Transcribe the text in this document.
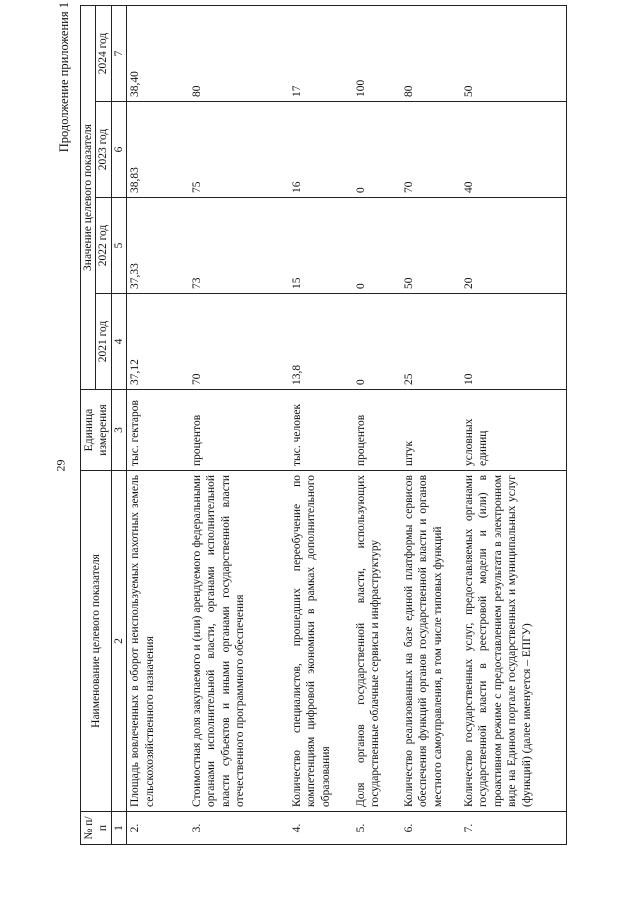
29
Продолжение приложения 1
№ п/п	Наименование целевого показателя	Единица измерения	Значение целевого показателя			
			2021 год	2022 год	2023 год	2024 год
1	2	3	4	5	6	7
2.	Площадь вовлеченных в оборот неиспользуемых пахотных земель сельскохозяйственного назначения	тыс. гектаров	37,12	37,33	38,83	38,40
3.	Стоимостная доля закупаемого и (или) арендуемого федеральными органами исполнительной власти, органами исполнительной власти субъектов и иными органами государственной власти отечественного программного обеспечения	процентов	70	73	75	80
4.	Количество специалистов, прошедших переобучение по компетенциям цифровой экономики в рамках дополнительного образования	тыс. человек	13,8	15	16	17
5.	Доля органов государственной власти, использующих государственные облачные сервисы и инфраструктуру	процентов	0	0	0	100
6.	Количество реализованных на базе единой платформы сервисов обеспечения функций органов государственной власти и органов местного самоуправления, в том числе типовых функций	штук	25	50	70	80
7.	Количество государственных услуг, предоставляемых органами государственной власти в реестровой модели и (или) в проактивном режиме с предоставлением результата в электронном виде на Едином портале государственных и муниципальных услуг (функций) (далее именуется – ЕПГУ)	условных единиц	10	20	40	50
